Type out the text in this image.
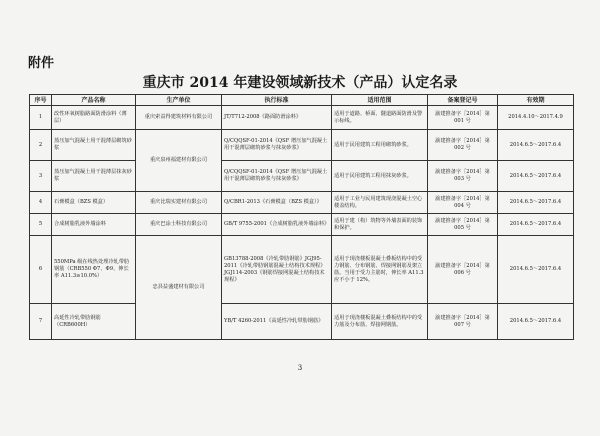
附件
重庆市 2014 年建设领域新技术（产品）认定名录
序号	产品名称	生产单位	执行标准	适用范围	备案登记号	有效期
1	改性环氧树脂路面防滑涂料（薄层）	重庆索益得建筑材料有限公司	JT/T712-2008《路面防滑涂料》	适用于道路、桥面、隧道路面防滑及警示标线。	渝建推备字［2014］第 001 号	2014.4.10～2017.4.9
2	蒸压加气混凝土用干混薄层砌筑砂浆	重庆泉州福建材有限公司	Q/CQQSF-01-2014《QSF 增压加气混凝土用干混薄层砌筑砂浆与抹灰砂浆》	适用于民用建筑工程用砌筑砂浆。	渝建推备字［2014］第 002 号	2014.6.5～2017.6.4
3	蒸压加气混凝土用干混薄层抹灰砂浆		Q/CQQSF-01-2014《QSF 增压加气混凝土用干混薄层砌筑砂浆与抹灰砂浆》	适用于民用建筑工程用抹灰砂浆。	渝建推备字［2014］第 003 号	2014.6.5～2017.6.4
4	石膏模盒（BZS 模盒）	重庆比瑞实建材有限公司	Q/CBR1-2013《石膏模盒（BZS 模盒）》	适用于工业与民用建筑现浇混凝土空心楼盖结构。	渝建推备字［2014］第 004 号	2014.6.5～2017.6.4
5	合成树脂乳液外墙涂料	重庆巴涂士科技有限公司	GB/T 9755-2001《合成树脂乳液外墙涂料》	适用于建（构）筑物等外墙表面的装饰和保护。	渝建推备字［2014］第 005 号	2014.6.5～2017.6.4
6	550MPa 级在线热处理冷轧带肋钢筋（CRB550 Φ7、Φ9、伸长率 A11.3≥10.0%）	忠县益盛建材有限公司	GB13788-2008《冷轧带肋钢筋》JGJ95-2011《冷轧带肋钢筋混凝土结构技术规程》JGJ114-2003《钢筋焊接网混凝土结构技术规程》	适用于现浇楼板混凝土叠板结构中的受力钢筋、分布钢筋、焊接网钢筋及架立筋。当用于受力主筋时，伸长率 A11.3 应不小于 12%。	渝建推备字［2014］第 006 号	2014.6.5～2017.6.4
7	高延性冷轧带肋钢筋（CRB600H）		YB/T 4260-2011《高延性冷轧带肋钢筋》	适用于现浇楼板混凝土叠板结构中的受力筋及分布筋、焊接网钢筋。	渝建推备字［2014］第 007 号	2014.6.5～2017.6.4
3
